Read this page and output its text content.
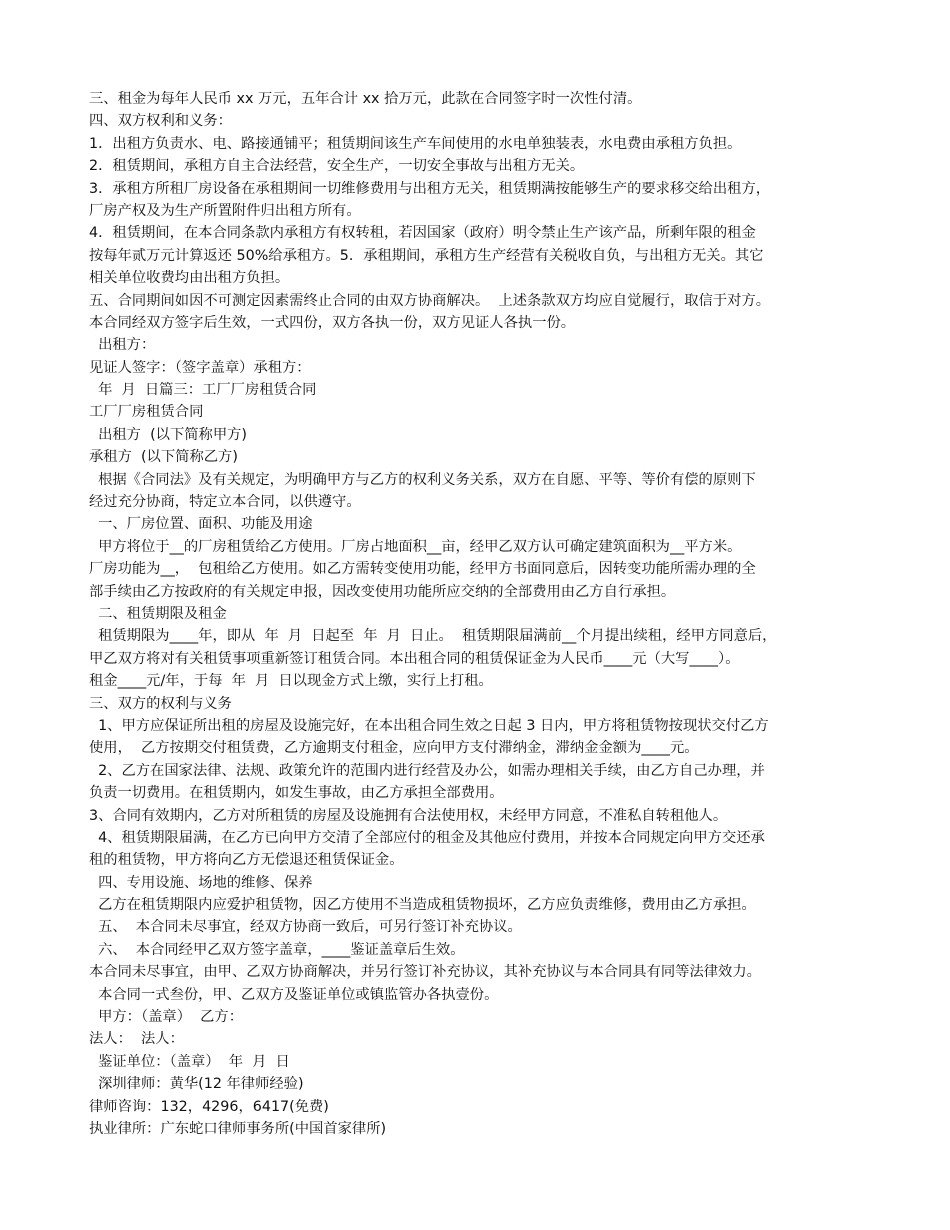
三、租金为每年人民币 xx 万元，五年合计 xx 拾万元，此款在合同签字时一次性付清。
四、双方权利和义务：
1．出租方负责水、电、路接通铺平；租赁期间该生产车间使用的水电单独装表，水电费由承租方负担。
2．租赁期间，承租方自主合法经营，安全生产，一切安全事故与出租方无关。
3．承租方所租厂房设备在承租期间一切维修费用与出租方无关，租赁期满按能够生产的要求移交给出租方，
厂房产权及为生产所置附件归出租方所有。
4．租赁期间，在本合同条款内承租方有权转租，若因国家（政府）明令禁止生产该产品，所剩年限的租金
按每年贰万元计算返还 50%给承租方。5．承租期间，承租方生产经营有关税收自负，与出租方无关。其它
相关单位收费均由出租方负担。
五、合同期间如因不可测定因素需终止合同的由双方协商解决。  上述条款双方均应自觉履行，取信于对方。
本合同经双方签字后生效，一式四份，双方各执一份，双方见证人各执一份。
出租方：
见证人签字：（签字盖章）承租方：
年  月  日篇三：工厂厂房租赁合同
工厂厂房租赁合同
出租方  (以下简称甲方)
承租方  (以下简称乙方)
根据《合同法》及有关规定，为明确甲方与乙方的权利义务关系，双方在自愿、平等、等价有偿的原则下
经过充分协商，特定立本合同，以供遵守。
一、厂房位置、面积、功能及用途
甲方将位于__的厂房租赁给乙方使用。厂房占地面积__亩，经甲乙双方认可确定建筑面积为__平方米。
厂房功能为__，  包租给乙方使用。如乙方需转变使用功能，经甲方书面同意后，因转变功能所需办理的全
部手续由乙方按政府的有关规定申报，因改变使用功能所应交纳的全部费用由乙方自行承担。
二、租赁期限及租金
租赁期限为____年，即从  年  月  日起至  年  月  日止。  租赁期限届满前__个月提出续租，经甲方同意后，
甲乙双方将对有关租赁事项重新签订租赁合同。本出租合同的租赁保证金为人民币____元（大写____）。
租金____元/年，于每  年  月  日以现金方式上缴，实行上打租。
三、双方的权利与义务
1、甲方应保证所出租的房屋及设施完好，在本出租合同生效之日起 3 日内，甲方将租赁物按现状交付乙方
使用，  乙方按期交付租赁费，乙方逾期支付租金，应向甲方支付滞纳金，滞纳金金额为____元。
2、乙方在国家法律、法规、政策允许的范围内进行经营及办公，如需办理相关手续，由乙方自己办理，并
负责一切费用。在租赁期内，如发生事故，由乙方承担全部费用。
3、合同有效期内，乙方对所租赁的房屋及设施拥有合法使用权，未经甲方同意，不准私自转租他人。
4、租赁期限届满，在乙方已向甲方交清了全部应付的租金及其他应付费用，并按本合同规定向甲方交还承
租的租赁物，甲方将向乙方无偿退还租赁保证金。
四、专用设施、场地的维修、保养
乙方在租赁期限内应爱护租赁物，因乙方使用不当造成租赁物损坏，乙方应负责维修，费用由乙方承担。
五、  本合同未尽事宜，经双方协商一致后，可另行签订补充协议。
六、  本合同经甲乙双方签字盖章，____鉴证盖章后生效。
本合同未尽事宜，由甲、乙双方协商解决，并另行签订补充协议，其补充协议与本合同具有同等法律效力。
本合同一式叁份，甲、乙双方及鉴证单位或镇监管办各执壹份。
甲方：（盖章）  乙方：
法人：  法人：
鉴证单位：（盖章）  年  月  日
深圳律师：黄华(12 年律师经验)
律师咨询：132，4296，6417(免费)
执业律所：广东蛇口律师事务所(中国首家律所)
